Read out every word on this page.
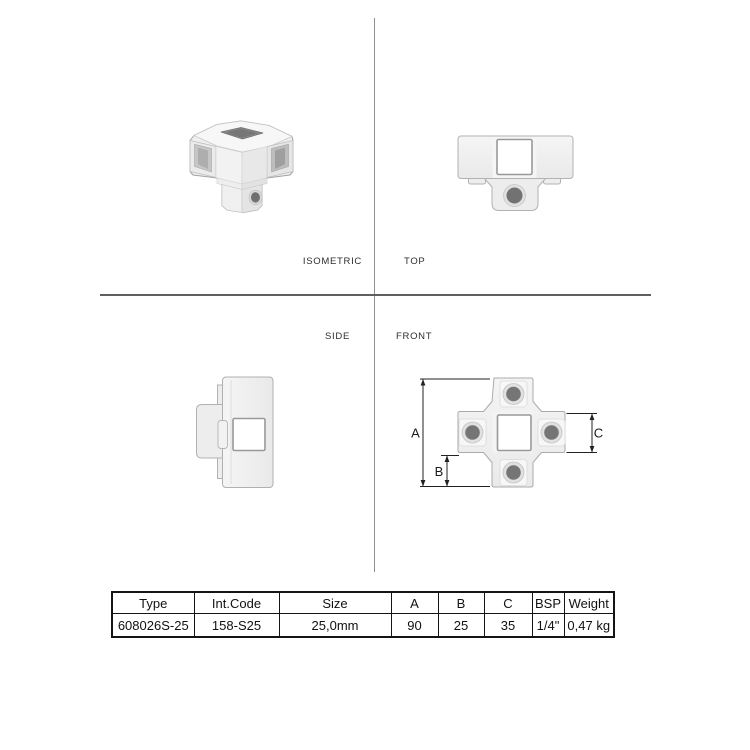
ISOMETRIC	TOP
SIDE	FRONT
A
B
C
Type	Int.Code	Size	A	B	C	BSP	Weight
608026S-25	158-S25	25,0mm	90	25	35	1/4"	0,47 kg
